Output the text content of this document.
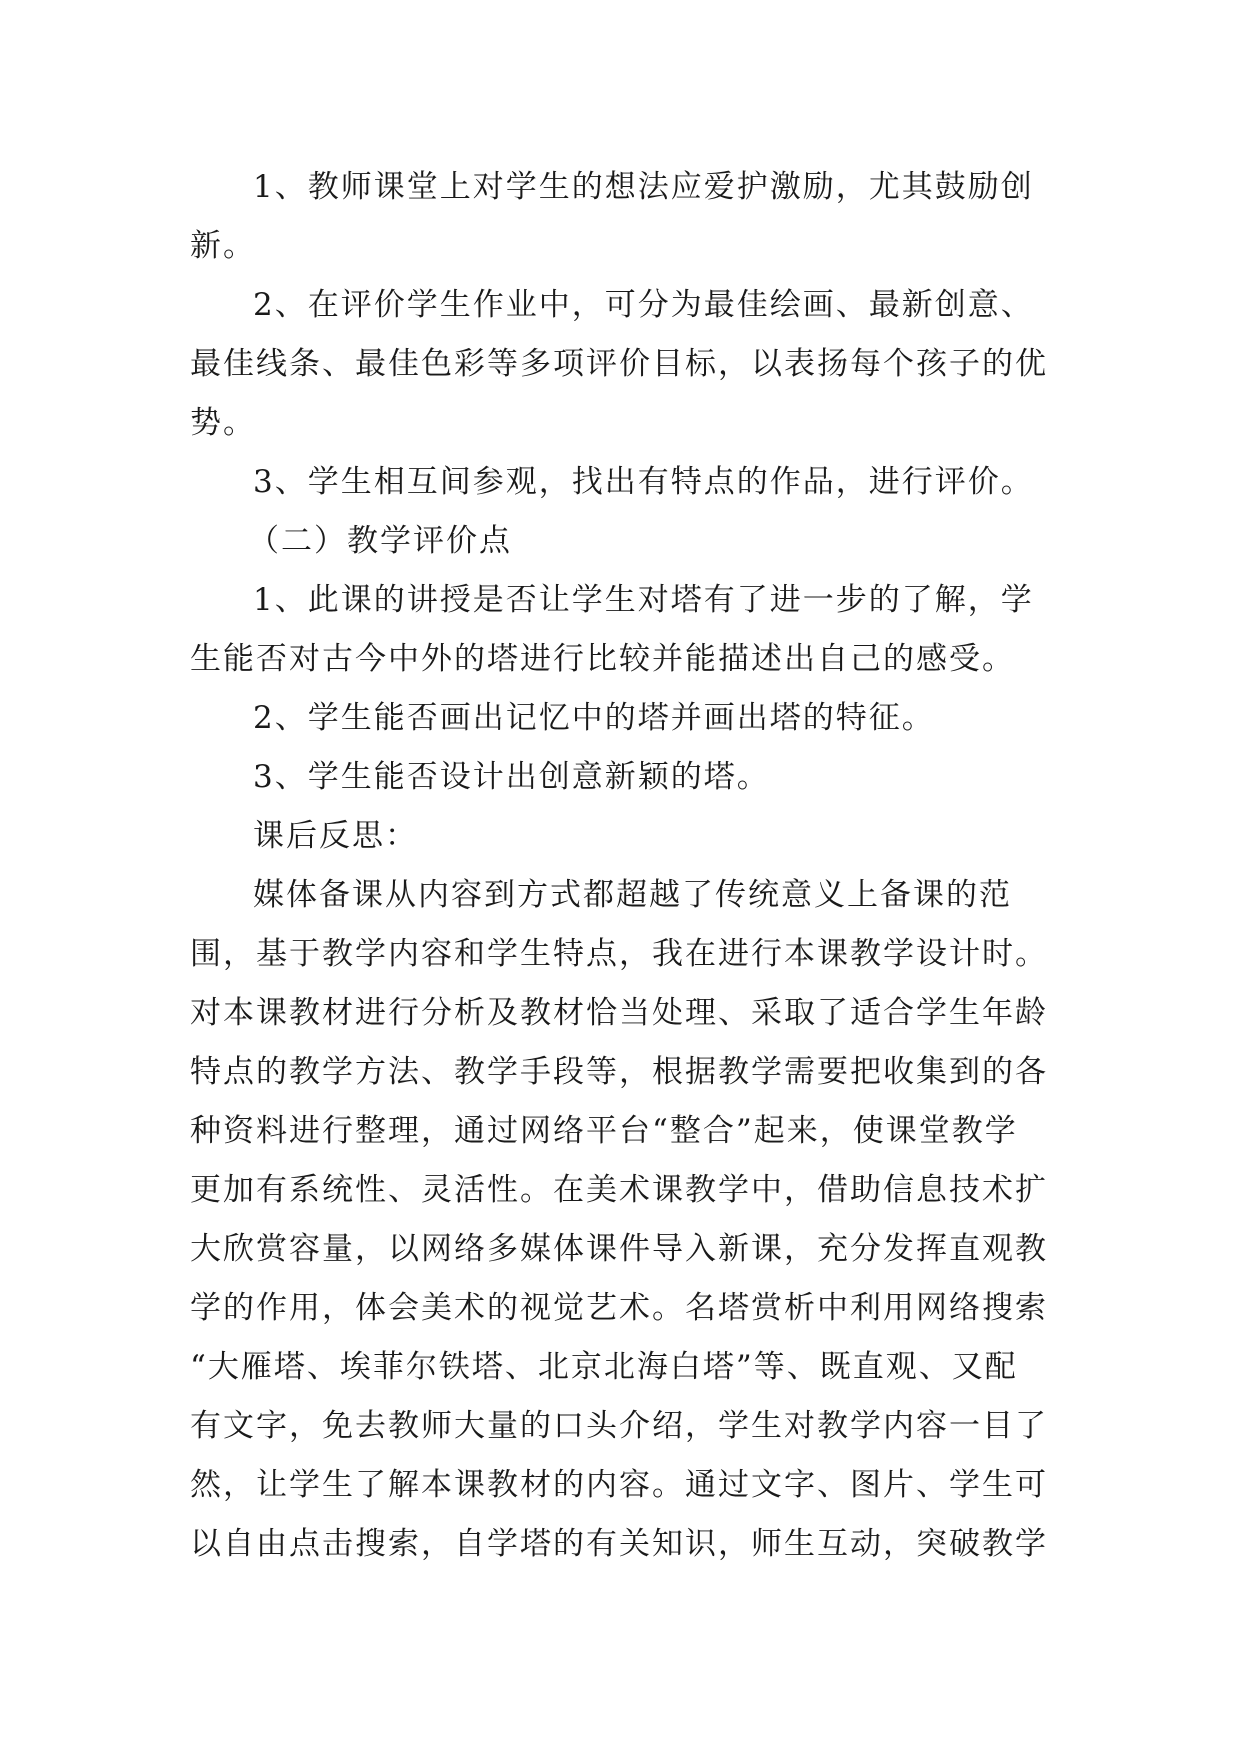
1、教师课堂上对学生的想法应爱护激励，尤其鼓励创
新。
2、在评价学生作业中，可分为最佳绘画、最新创意、
最佳线条、最佳色彩等多项评价目标，以表扬每个孩子的优
势。
3、学生相互间参观，找出有特点的作品，进行评价。
（二）教学评价点
1、此课的讲授是否让学生对塔有了进一步的了解，学
生能否对古今中外的塔进行比较并能描述出自己的感受。
2、学生能否画出记忆中的塔并画出塔的特征。
3、学生能否设计出创意新颖的塔。
课后反思：
媒体备课从内容到方式都超越了传统意义上备课的范
围，基于教学内容和学生特点，我在进行本课教学设计时。
对本课教材进行分析及教材恰当处理、采取了适合学生年龄
特点的教学方法、教学手段等，根据教学需要把收集到的各
种资料进行整理，通过网络平台“整合”起来，使课堂教学
更加有系统性、灵活性。在美术课教学中，借助信息技术扩
大欣赏容量，以网络多媒体课件导入新课，充分发挥直观教
学的作用，体会美术的视觉艺术。名塔赏析中利用网络搜索
“大雁塔、埃菲尔铁塔、北京北海白塔”等、既直观、又配
有文字，免去教师大量的口头介绍，学生对教学内容一目了
然，让学生了解本课教材的内容。通过文字、图片、学生可
以自由点击搜索，自学塔的有关知识，师生互动，突破教学
